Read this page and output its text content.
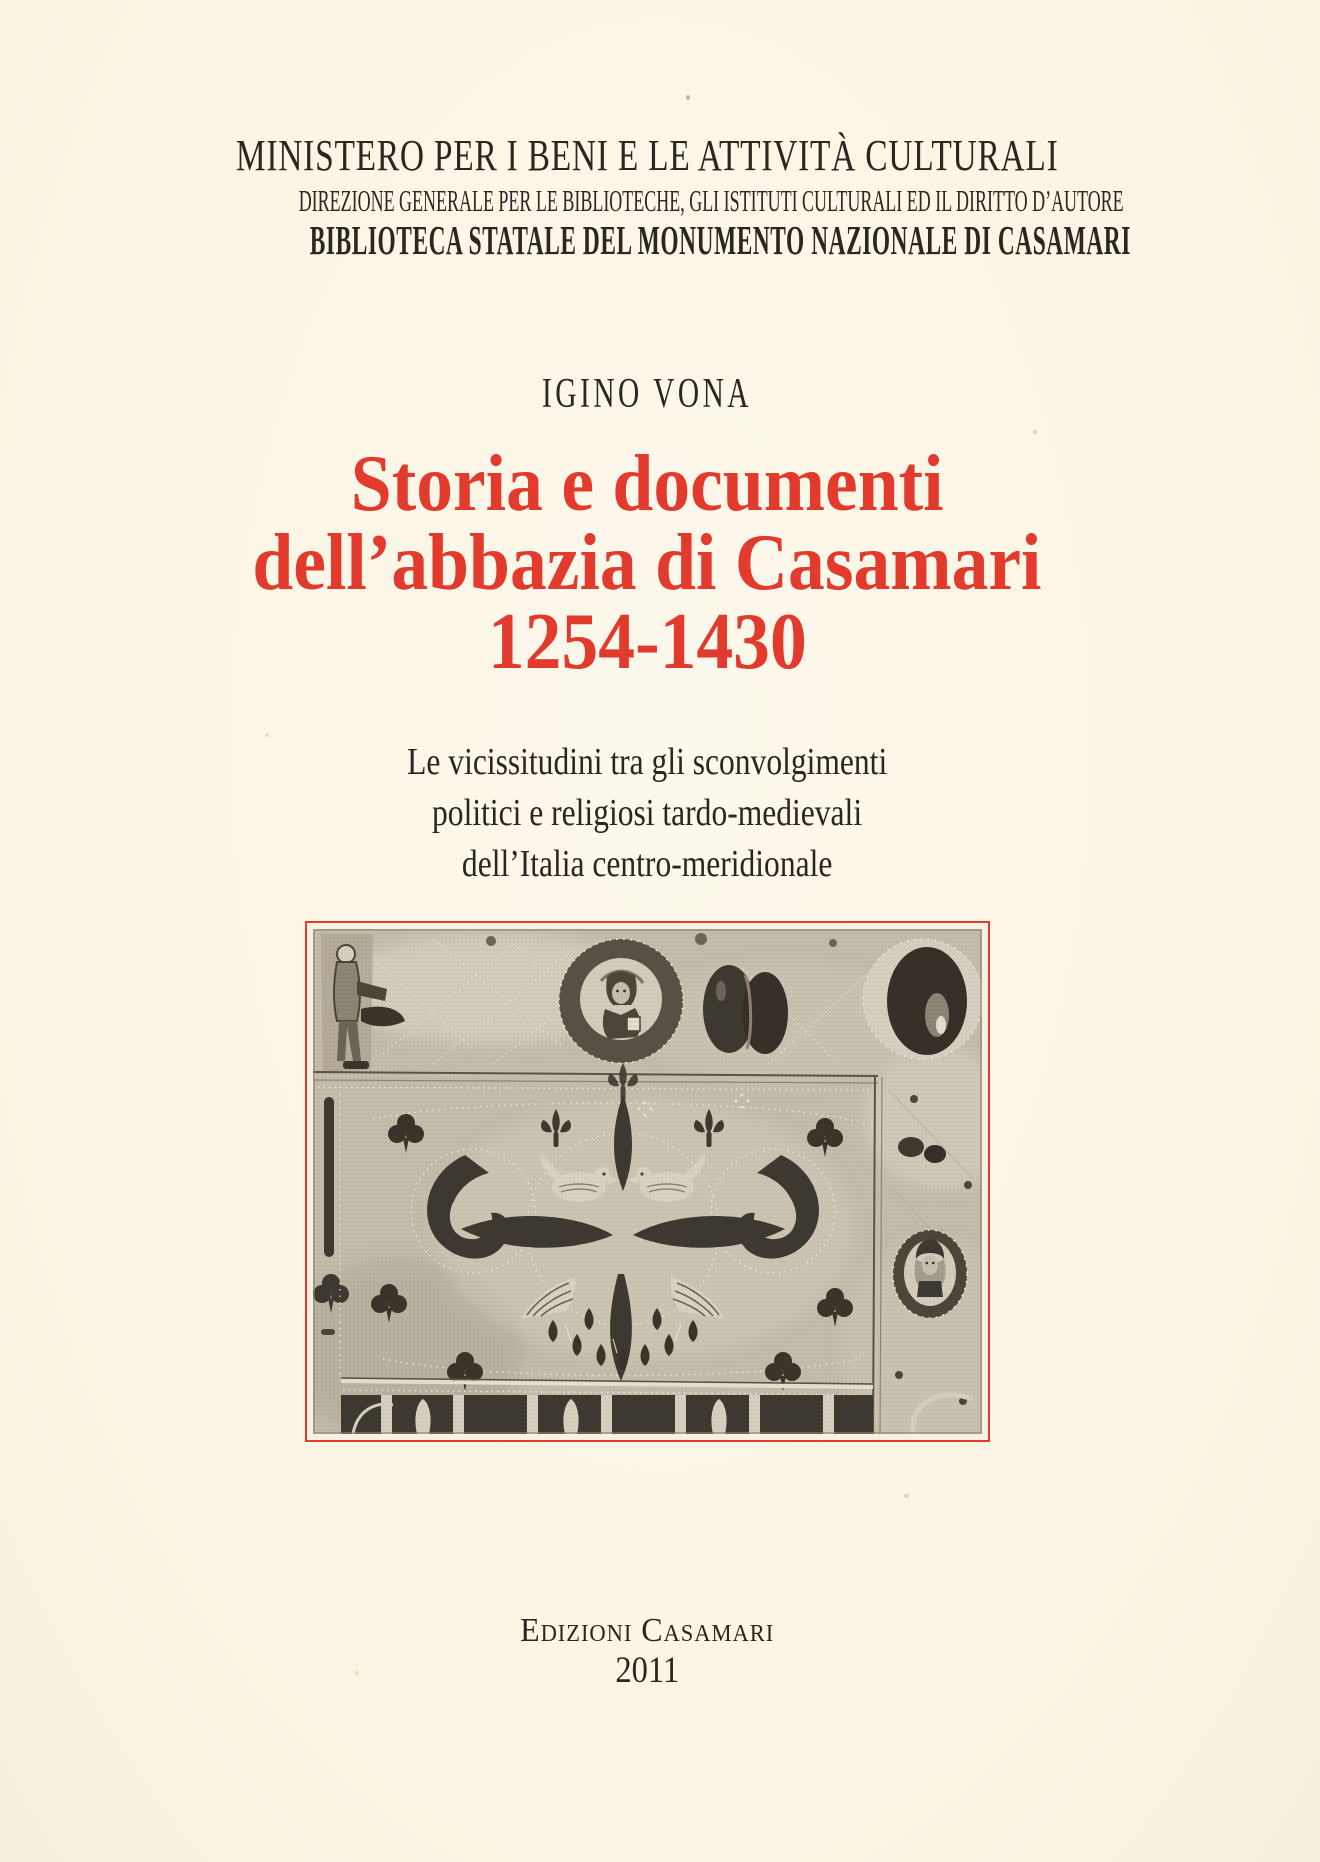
MINISTERO PER I BENI E LE ATTIVITÀ CULTURALI
DIREZIONE GENERALE PER LE BIBLIOTECHE, GLI ISTITUTI CULTURALI ED IL DIRITTO D’AUTORE
BIBLIOTECA STATALE DEL MONUMENTO NAZIONALE DI CASAMARI
IGINO VONA
Storia e documenti
dell’abbazia di Casamari
1254-1430
Le vicissitudini tra gli sconvolgimenti
politici e religiosi tardo-medievali
dell’Italia centro-meridionale
Edizioni Casamari
2011
